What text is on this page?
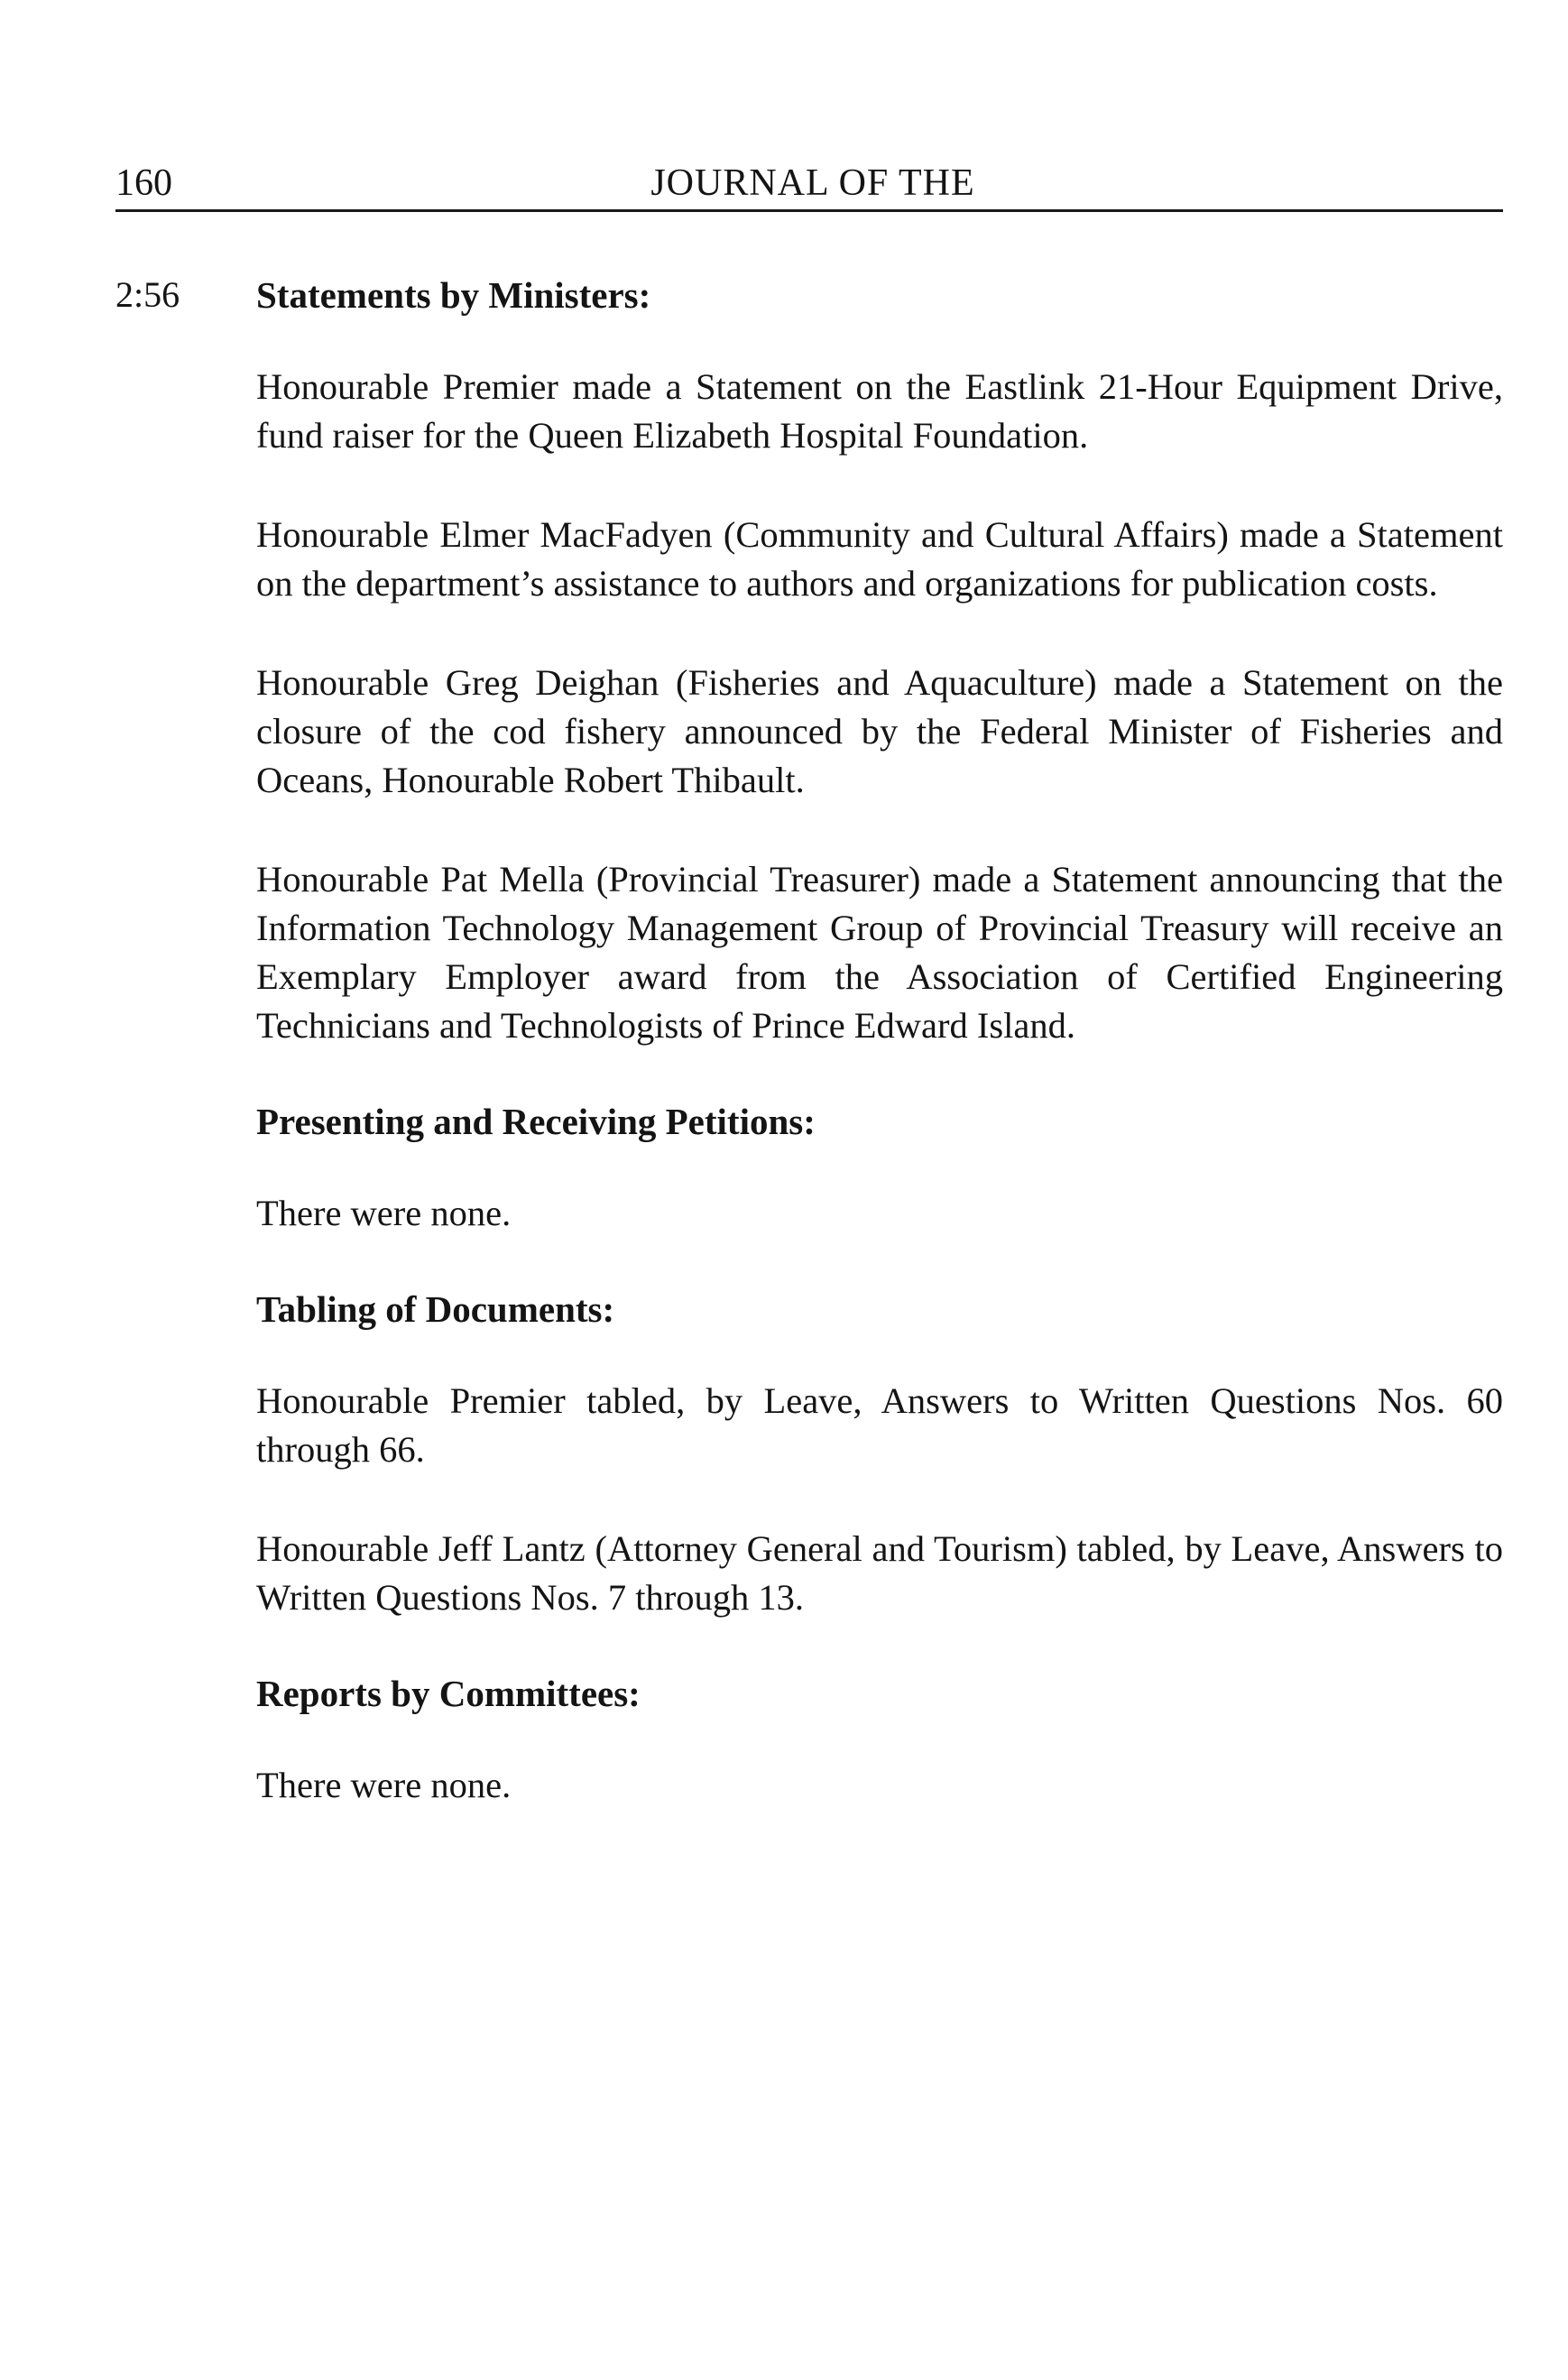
160	JOURNAL OF THE
2:56 Statements by Ministers:

Honourable Premier made a Statement on the Eastlink 21-Hour Equipment Drive, fund raiser for the Queen Elizabeth Hospital Foundation.

Honourable Elmer MacFadyen (Community and Cultural Affairs) made a Statement on the department’s assistance to authors and organizations for publication costs.

Honourable Greg Deighan (Fisheries and Aquaculture) made a Statement on the closure of the cod fishery announced by the Federal Minister of Fisheries and Oceans, Honourable Robert Thibault.

Honourable Pat Mella (Provincial Treasurer) made a Statement announcing that the Information Technology Management Group of Provincial Treasury will receive an Exemplary Employer award from the Association of Certified Engineering Technicians and Technologists of Prince Edward Island.

Presenting and Receiving Petitions:

There were none.

Tabling of Documents:

Honourable Premier tabled, by Leave, Answers to Written Questions Nos. 60 through 66.

Honourable Jeff Lantz (Attorney General and Tourism) tabled, by Leave, Answers to Written Questions Nos. 7 through 13.

Reports by Committees:

There were none.
